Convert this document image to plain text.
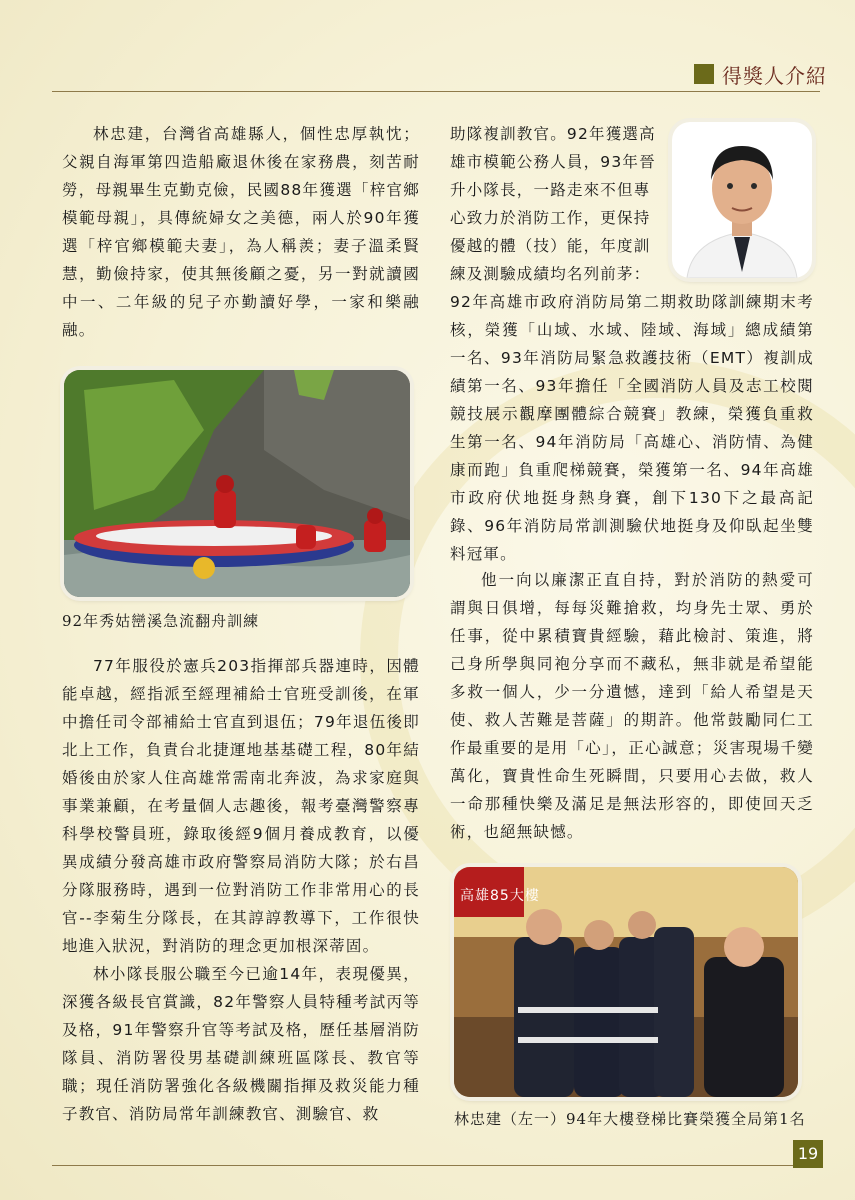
得獎人介紹

林忠建，台灣省高雄縣人，個性忠厚執忱；父親自海軍第四造船廠退休後在家務農，刻苦耐勞，母親畢生克勤克儉，民國88年獲選「梓官鄉模範母親」，具傳統婦女之美德，兩人於90年獲選「梓官鄉模範夫妻」，為人稱羨；妻子溫柔賢慧，勤儉持家，使其無後顧之憂，另一對就讀國中一、二年級的兒子亦勤讀好學，一家和樂融融。

92年秀姑巒溪急流翻舟訓練

77年服役於憲兵203指揮部兵器連時，因體能卓越，經指派至經理補給士官班受訓後，在軍中擔任司令部補給士官直到退伍；79年退伍後即北上工作，負責台北捷運地基基礎工程，80年結婚後由於家人住高雄常需南北奔波，為求家庭與事業兼顧，在考量個人志趣後，報考臺灣警察專科學校警員班，錄取後經9個月養成教育，以優異成績分發高雄市政府警察局消防大隊；於右昌分隊服務時，遇到一位對消防工作非常用心的長官--李菊生分隊長，在其諄諄教導下，工作很快地進入狀況，對消防的理念更加根深蒂固。

林小隊長服公職至今已逾14年，表現優異，深獲各級長官賞識，82年警察人員特種考試丙等及格，91年警察升官等考試及格，歷任基層消防隊員、消防署役男基礎訓練班區隊長、教官等職；現任消防署強化各級機關指揮及救災能力種子教官、消防局常年訓練教官、測驗官、救

助隊複訓教官。92年獲選高
雄市模範公務人員，93年晉
升小隊長，一路走來不但專
心致力於消防工作，更保持
優越的體（技）能，年度訓
練及測驗成績均名列前茅：

92年高雄市政府消防局第二期救助隊訓練期末考核，榮獲「山域、水域、陸域、海域」總成績第一名、93年消防局緊急救護技術（EMT）複訓成績第一名、93年擔任「全國消防人員及志工校閱競技展示觀摩團體綜合競賽」教練，榮獲負重救生第一名、94年消防局「高雄心、消防情、為健康而跑」負重爬梯競賽，榮獲第一名、94年高雄市政府伏地挺身熱身賽，創下130下之最高記錄、96年消防局常訓測驗伏地挺身及仰臥起坐雙料冠軍。

他一向以廉潔正直自持，對於消防的熱愛可謂與日俱增，每每災難搶救，均身先士眾、勇於任事，從中累積寶貴經驗，藉此檢討、策進，將己身所學與同袍分享而不藏私，無非就是希望能多救一個人，少一分遺憾，達到「給人希望是天使、救人苦難是菩薩」的期許。他常鼓勵同仁工作最重要的是用「心」，正心誠意；災害現場千變萬化，寶貴性命生死瞬間，只要用心去做，救人一命那種快樂及滿足是無法形容的，即使回天乏術，也絕無缺憾。

高雄85大樓
林忠建（左一）94年大樓登梯比賽榮獲全局第1名
19
